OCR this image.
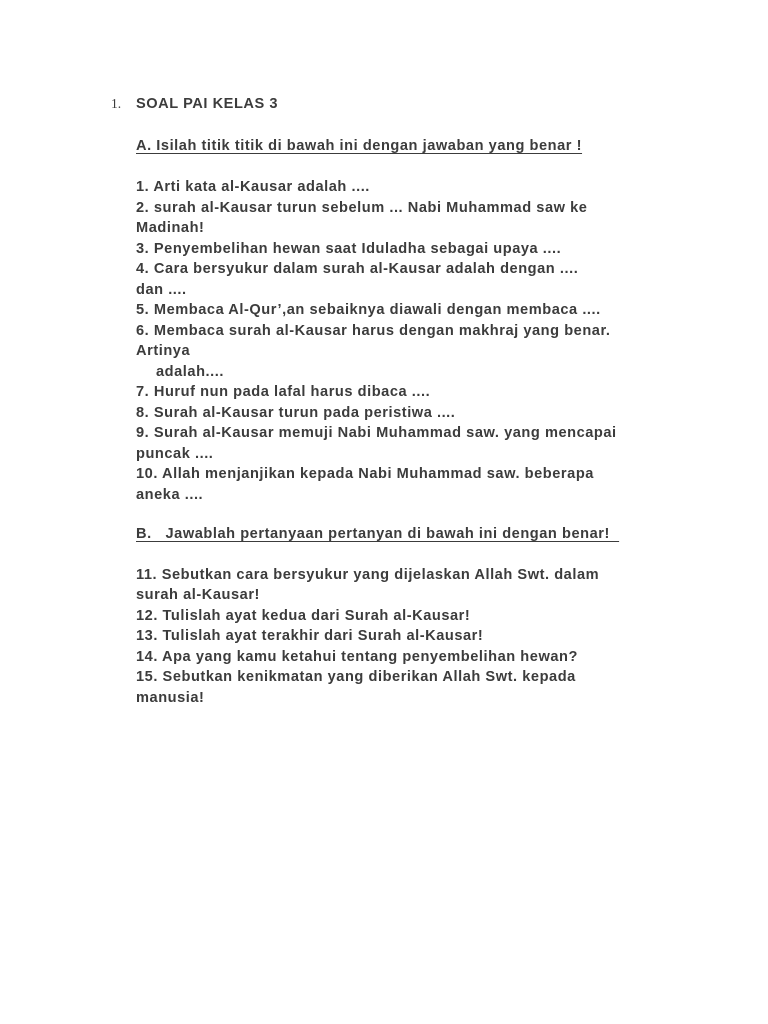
1. SOAL PAI KELAS 3
A. Isilah titik titik di bawah ini dengan jawaban yang benar !
1. Arti kata al-Kausar adalah ....
2. surah al-Kausar turun sebelum ... Nabi Muhammad saw ke
Madinah!
3. Penyembelihan hewan saat Iduladha sebagai upaya ....
4. Cara bersyukur dalam surah al-Kausar adalah dengan ....
dan ....
5. Membaca Al-Qur’,an sebaiknya diawali dengan membaca ....
6. Membaca surah al-Kausar harus dengan makhraj yang benar.
Artinya
adalah....
7. Huruf nun pada lafal harus dibaca ....
8. Surah al-Kausar turun pada peristiwa ....
9. Surah al-Kausar memuji Nabi Muhammad saw. yang mencapai
puncak ....
10. Allah menjanjikan kepada Nabi Muhammad saw. beberapa
aneka ....
B.   Jawablah pertanyaan pertanyan di bawah ini dengan benar!
11. Sebutkan cara bersyukur yang dijelaskan Allah Swt. dalam
surah al-Kausar!
12. Tulislah ayat kedua dari Surah al-Kausar!
13. Tulislah ayat terakhir dari Surah al-Kausar!
14. Apa yang kamu ketahui tentang penyembelihan hewan?
15. Sebutkan kenikmatan yang diberikan Allah Swt. kepada
manusia!
